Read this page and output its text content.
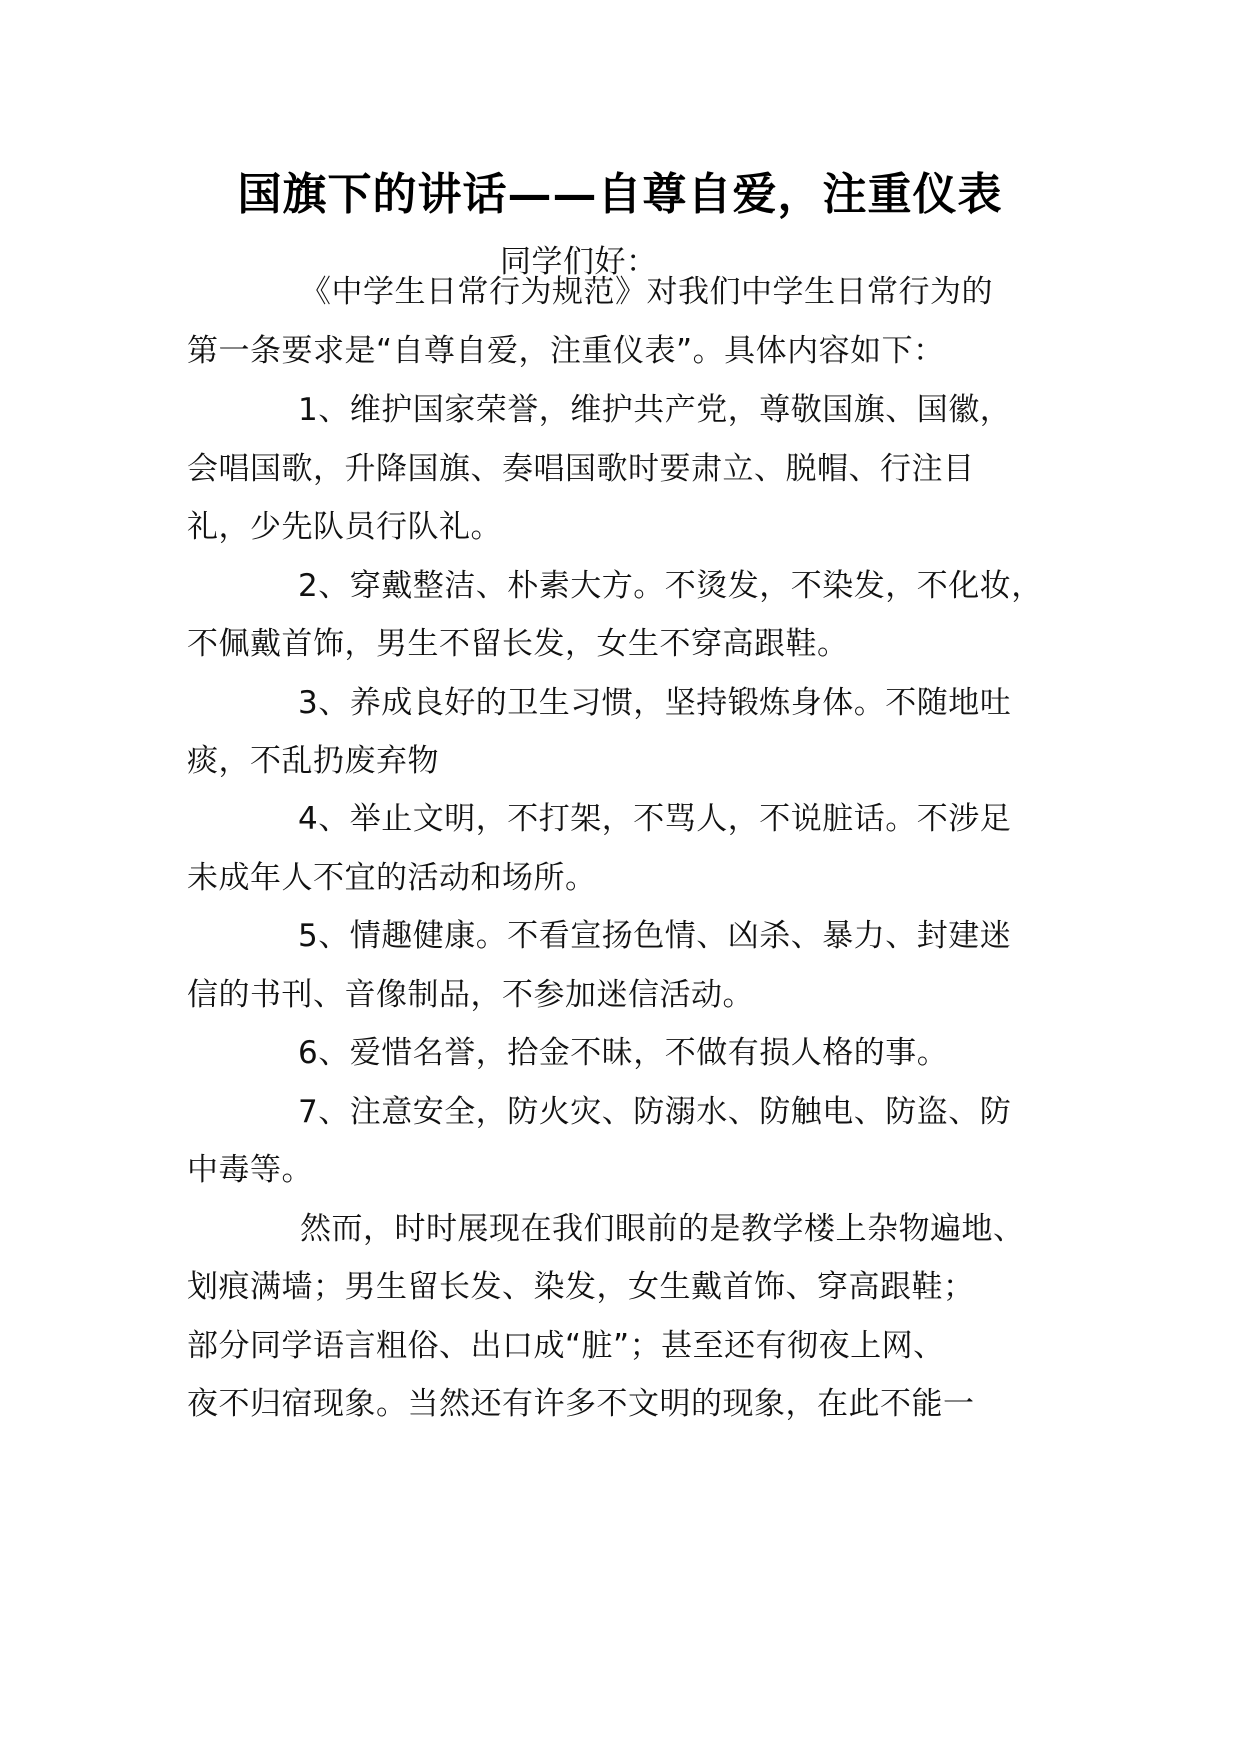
国旗下的讲话——自尊自爱，注重仪表
同学们好：
《中学生日常行为规范》对我们中学生日常行为的
第一条要求是“自尊自爱，注重仪表”。具体内容如下：
1、维护国家荣誉，维护共产党，尊敬国旗、国徽，
会唱国歌，升降国旗、奏唱国歌时要肃立、脱帽、行注目
礼，少先队员行队礼。
2、穿戴整洁、朴素大方。不烫发，不染发，不化妆，
不佩戴首饰，男生不留长发，女生不穿高跟鞋。
3、养成良好的卫生习惯，坚持锻炼身体。不随地吐
痰，不乱扔废弃物
4、举止文明，不打架，不骂人，不说脏话。不涉足
未成年人不宜的活动和场所。
5、情趣健康。不看宣扬色情、凶杀、暴力、封建迷
信的书刊、音像制品，不参加迷信活动。
6、爱惜名誉，拾金不昧，不做有损人格的事。
7、注意安全，防火灾、防溺水、防触电、防盗、防
中毒等。
然而，时时展现在我们眼前的是教学楼上杂物遍地、
划痕满墙；男生留长发、染发，女生戴首饰、穿高跟鞋；
部分同学语言粗俗、出口成“脏”；甚至还有彻夜上网、
夜不归宿现象。当然还有许多不文明的现象，在此不能一
